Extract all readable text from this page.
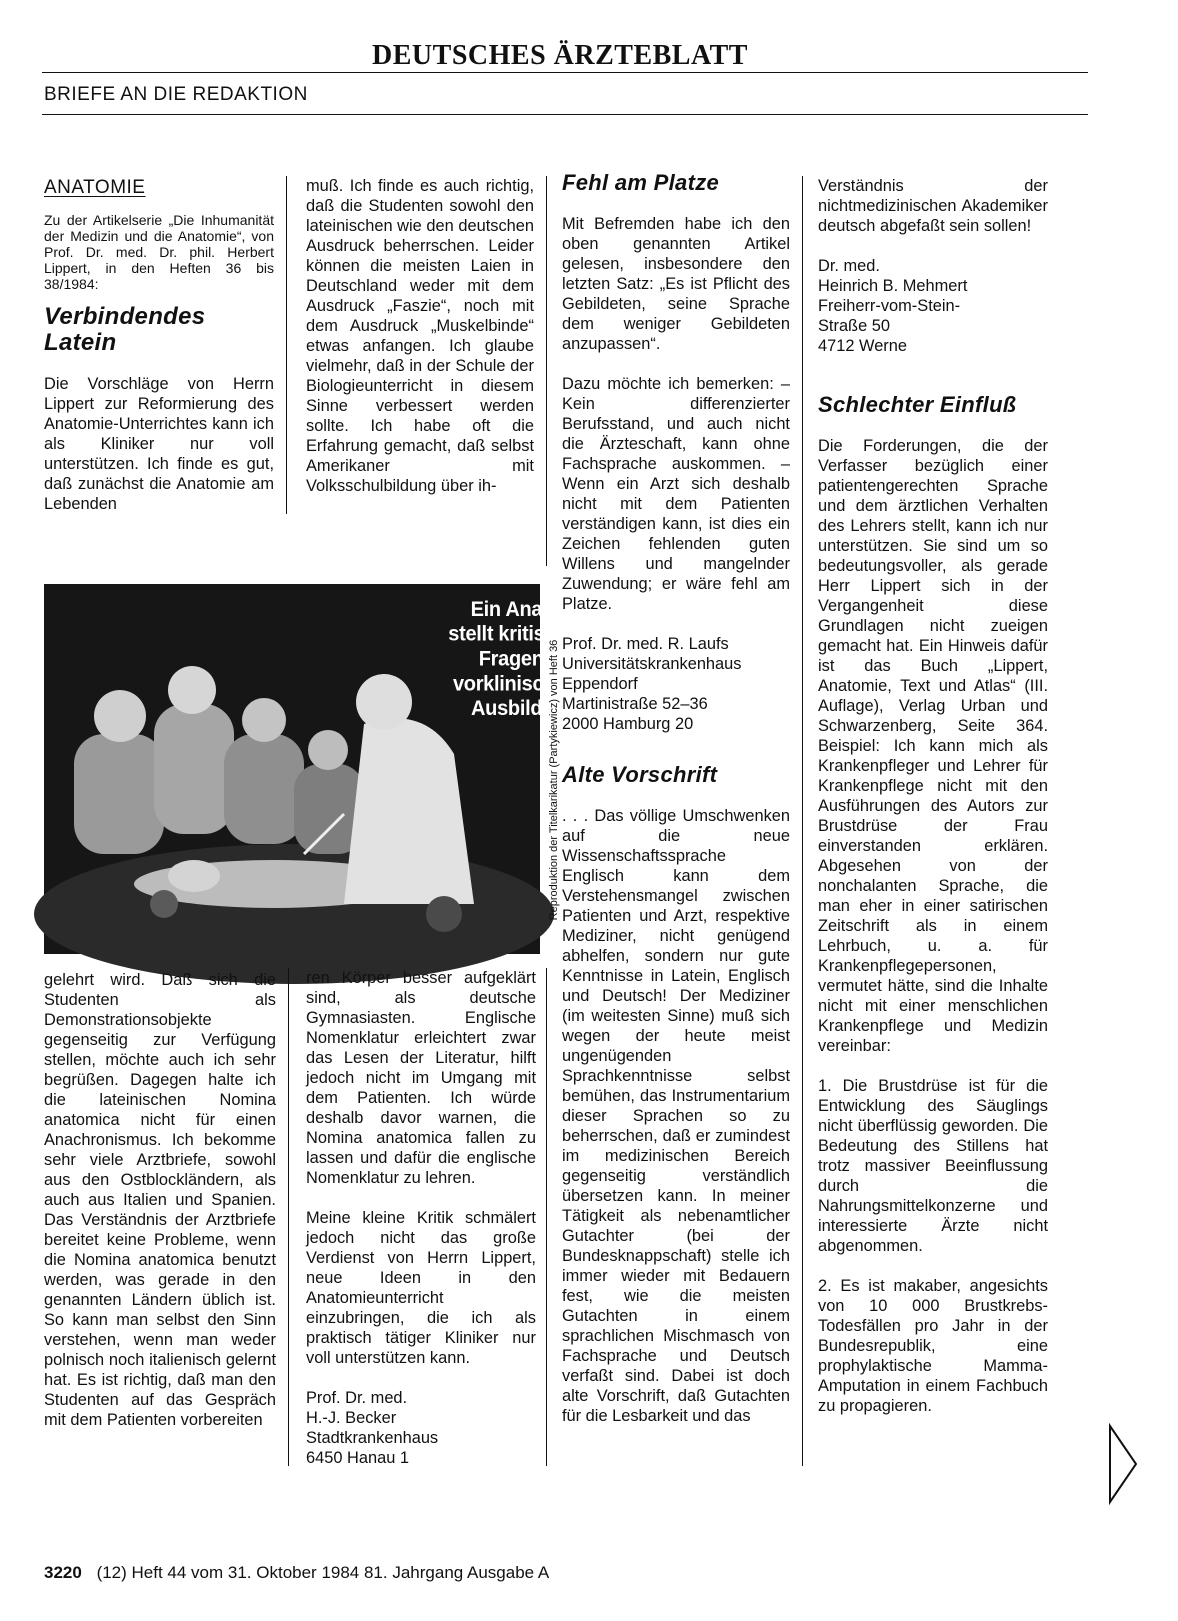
DEUTSCHES ÄRZTEBLATT
BRIEFE AN DIE REDAKTION
ANATOMIE
Zu der Artikelserie „Die Inhumanität der Medizin und die Anatomie“, von Prof. Dr. med. Dr. phil. Herbert Lippert, in den Heften 36 bis 38/1984:
Verbindendes
Latein

Die Vorschläge von Herrn Lippert zur Reformierung des Anatomie-Unterrichtes kann ich als Kliniker nur voll unterstützen. Ich finde es gut, daß zunächst die Anatomie am Lebenden

muß. Ich finde es auch richtig, daß die Studenten sowohl den lateinischen wie den deutschen Ausdruck beherrschen. Leider können die meisten Laien in Deutschland weder mit dem Ausdruck „Faszie“, noch mit dem Ausdruck „Muskelbinde“ etwas anfangen. Ich glaube vielmehr, daß in der Schule der Biologieunterricht in diesem Sinne verbessert werden sollte. Ich habe oft die Erfahrung gemacht, daß selbst Amerikaner mit Volksschulbildung über ih-

Ein Anatom
stellt kritische
Fragen zur
vorklinischen
Ausbildung
Reproduktion der Titelkarikatur (Partykiewicz) von Heft 36

gelehrt wird. Daß sich die Studenten als Demonstrationsobjekte gegenseitig zur Verfügung stellen, möchte auch ich sehr begrüßen. Dagegen halte ich die lateinischen Nomina anatomica nicht für einen Anachronismus. Ich bekomme sehr viele Arztbriefe, sowohl aus den Ostblockländern, als auch aus Italien und Spanien. Das Verständnis der Arztbriefe bereitet keine Probleme, wenn die Nomina anatomica benutzt werden, was gerade in den genannten Ländern üblich ist. So kann man selbst den Sinn verstehen, wenn man weder polnisch noch italienisch gelernt hat. Es ist richtig, daß man den Studenten auf das Gespräch mit dem Patienten vorbereiten

ren Körper besser aufgeklärt sind, als deutsche Gymnasiasten. Englische Nomenklatur erleichtert zwar das Lesen der Literatur, hilft jedoch nicht im Umgang mit dem Patienten. Ich würde deshalb davor warnen, die Nomina anatomica fallen zu lassen und dafür die englische Nomenklatur zu lehren.

Meine kleine Kritik schmälert jedoch nicht das große Verdienst von Herrn Lippert, neue Ideen in den Anatomieunterricht einzubringen, die ich als praktisch tätiger Kliniker nur voll unterstützen kann.

Prof. Dr. med.
H.-J. Becker
Stadtkrankenhaus
6450 Hanau 1
Fehl am Platze

Mit Befremden habe ich den oben genannten Artikel gelesen, insbesondere den letzten Satz: „Es ist Pflicht des Gebildeten, seine Sprache dem weniger Gebildeten anzupassen“.

Dazu möchte ich bemerken: – Kein differenzierter Berufsstand, und auch nicht die Ärzteschaft, kann ohne Fachsprache auskommen. – Wenn ein Arzt sich deshalb nicht mit dem Patienten verständigen kann, ist dies ein Zeichen fehlenden guten Willens und mangelnder Zuwendung; er wäre fehl am Platze.

Prof. Dr. med. R. Laufs
Universitätskrankenhaus
Eppendorf
Martinistraße 52–36
2000 Hamburg 20
Alte Vorschrift

. . . Das völlige Umschwenken auf die neue Wissenschaftssprache Englisch kann dem Verstehensmangel zwischen Patienten und Arzt, respektive Mediziner, nicht genügend abhelfen, sondern nur gute Kenntnisse in Latein, Englisch und Deutsch! Der Mediziner (im weitesten Sinne) muß sich wegen der heute meist ungenügenden Sprachkenntnisse selbst bemühen, das Instrumentarium dieser Sprachen so zu beherrschen, daß er zumindest im medizinischen Bereich gegenseitig verständlich übersetzen kann. In meiner Tätigkeit als nebenamtlicher Gutachter (bei der Bundesknappschaft) stelle ich immer wieder mit Bedauern fest, wie die meisten Gutachten in einem sprachlichen Mischmasch von Fachsprache und Deutsch verfaßt sind. Dabei ist doch alte Vorschrift, daß Gutachten für die Lesbarkeit und das

Verständnis der nichtmedizinischen Akademiker deutsch abgefaßt sein sollen!

Dr. med.
Heinrich B. Mehmert
Freiherr-vom-Stein-
Straße 50
4712 Werne
Schlechter Einfluß

Die Forderungen, die der Verfasser bezüglich einer patientengerechten Sprache und dem ärztlichen Verhalten des Lehrers stellt, kann ich nur unterstützen. Sie sind um so bedeutungsvoller, als gerade Herr Lippert sich in der Vergangenheit diese Grundlagen nicht zueigen gemacht hat. Ein Hinweis dafür ist das Buch „Lippert, Anatomie, Text und Atlas“ (III. Auflage), Verlag Urban und Schwarzenberg, Seite 364. Beispiel: Ich kann mich als Krankenpfleger und Lehrer für Krankenpflege nicht mit den Ausführungen des Autors zur Brustdrüse der Frau einverstanden erklären. Abgesehen von der nonchalanten Sprache, die man eher in einer satirischen Zeitschrift als in einem Lehrbuch, u. a. für Krankenpflegepersonen, vermutet hätte, sind die Inhalte nicht mit einer menschlichen Krankenpflege und Medizin vereinbar:

1. Die Brustdrüse ist für die Entwicklung des Säuglings nicht überflüssig geworden. Die Bedeutung des Stillens hat trotz massiver Beeinflussung durch die Nahrungsmittelkonzerne und interessierte Ärzte nicht abgenommen.

2. Es ist makaber, angesichts von 10 000 Brustkrebs-Todesfällen pro Jahr in der Bundesrepublik, eine prophylaktische Mamma-Amputation in einem Fachbuch zu propagieren.

3220 (12) Heft 44 vom 31. Oktober 1984 81. Jahrgang Ausgabe A
